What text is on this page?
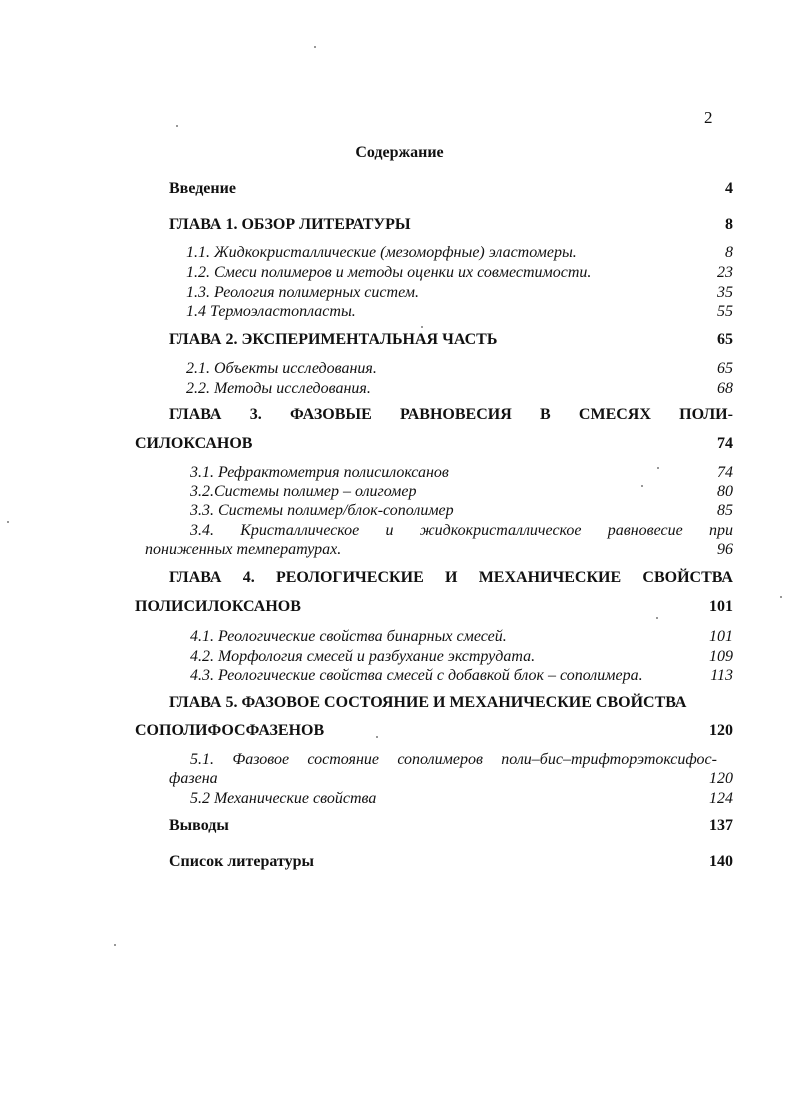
2
Содержание
Введение	4
ГЛАВА 1. ОБЗОР ЛИТЕРАТУРЫ	8
1.1. Жидкокристаллические (мезоморфные) эластомеры.	8
1.2. Смеси полимеров и методы оценки их совместимости.	23
1.3. Реология полимерных систем.	35
1.4 Термоэластопласты.	55
ГЛАВА 2. ЭКСПЕРИМЕНТАЛЬНАЯ ЧАСТЬ	65
2.1. Объекты исследования.	65
2.2. Методы исследования.	68
ГЛАВА 3. ФАЗОВЫЕ РАВНОВЕСИЯ В СМЕСЯХ ПОЛИ-
СИЛОКСАНОВ	74
3.1. Рефрактометрия полисилоксанов	74
3.2.Системы полимер – олигомер	80
3.3. Системы полимер/блок-сополимер	85
3.4. Кристаллическое и жидкокристаллическое равновесие при
пониженных температурах.	96
ГЛАВА 4. РЕОЛОГИЧЕСКИЕ И МЕХАНИЧЕСКИЕ СВОЙСТВА
ПОЛИСИЛОКСАНОВ	101
4.1. Реологические свойства бинарных смесей.	101
4.2. Морфология смесей и разбухание экструдата.	109
4.3. Реологические свойства смесей с добавкой блок – сополимера.	113
ГЛАВА 5. ФАЗОВОЕ СОСТОЯНИЕ И МЕХАНИЧЕСКИЕ СВОЙСТВА
СОПОЛИФОСФАЗЕНОВ	120
5.1. Фазовое состояние сополимеров поли–бис–трифторэтоксифос-
фазена	120
5.2 Механические свойства	124
Выводы	137
Список литературы	140
